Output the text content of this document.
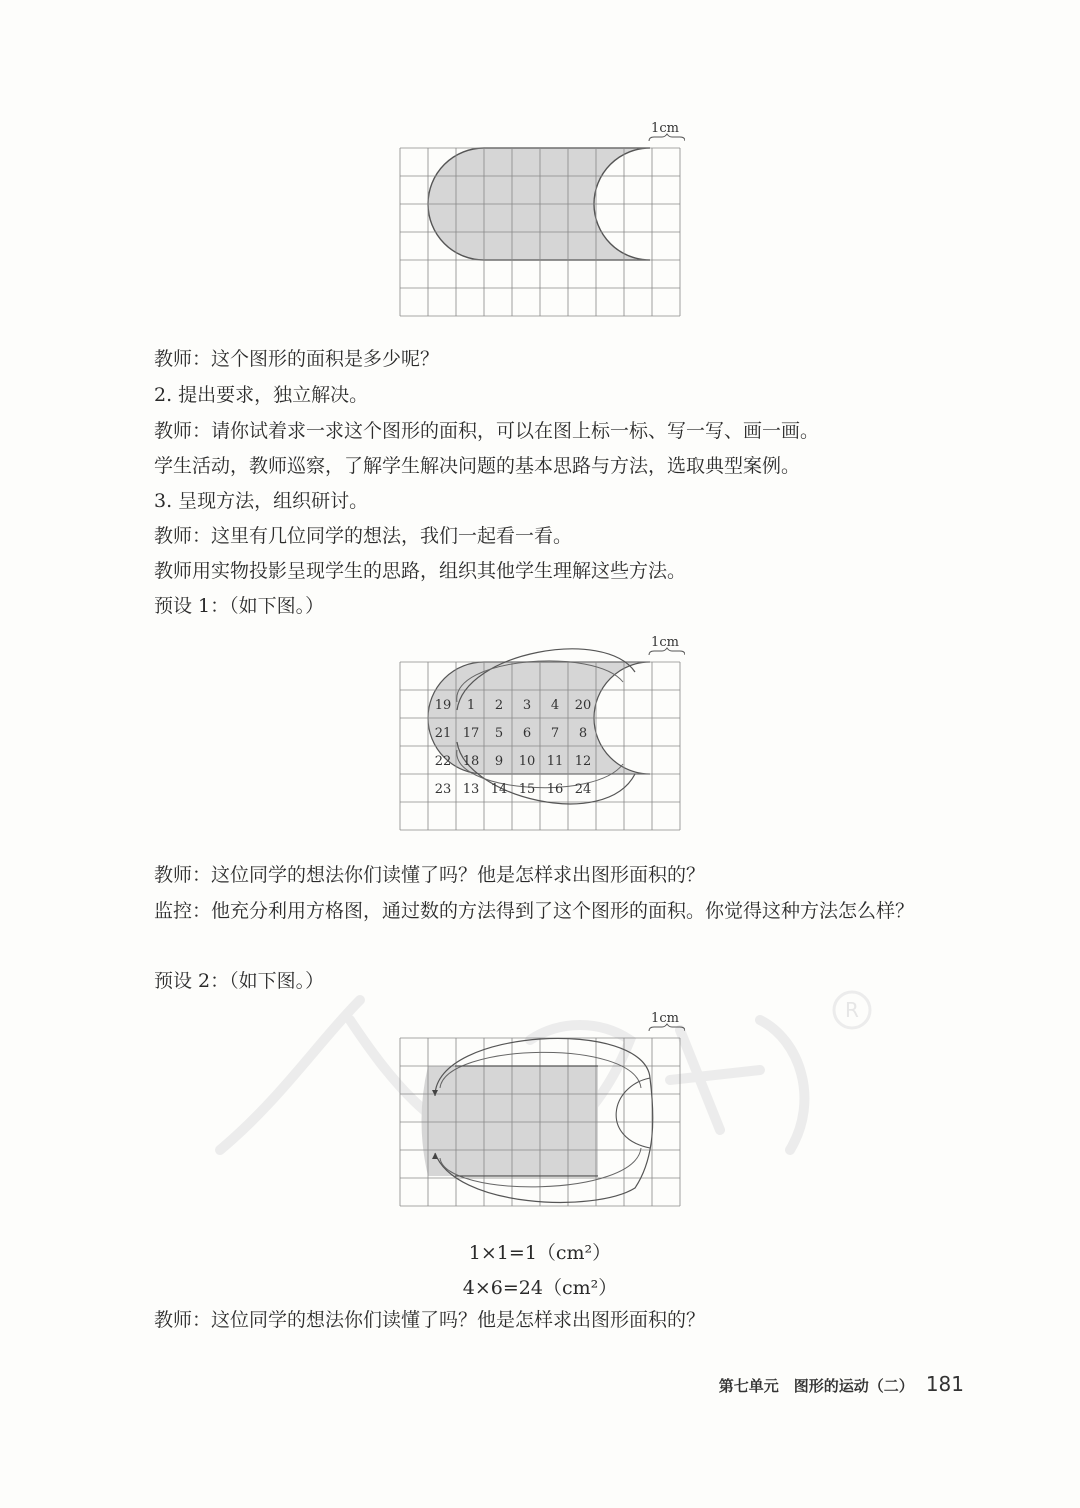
1cm

教师：这个图形的面积是多少呢？

2. 提出要求，独立解决。

教师：请你试着求一求这个图形的面积，可以在图上标一标、写一写、画一画。

学生活动，教师巡察，了解学生解决问题的基本思路与方法，选取典型案例。

3. 呈现方法，组织研讨。

教师：这里有几位同学的想法，我们一起看一看。

教师用实物投影呈现学生的思路，组织其他学生理解这些方法。

预设 1：（如下图。）

19 1 2 3 4 20
21 17 5 6 7 8
22 18 9 10 11 12
23 13 14 15 16 24
1cm

教师：这位同学的想法你们读懂了吗？他是怎样求出图形面积的？

监控：他充分利用方格图，通过数的方法得到了这个图形的面积。你觉得这种方法怎么样？

预设 2：（如下图。）

R
1cm
1×1=1（cm²）
4×6=24（cm²）

教师：这位同学的想法你们读懂了吗？他是怎样求出图形面积的？

第七单元　图形的运动（二） 181
